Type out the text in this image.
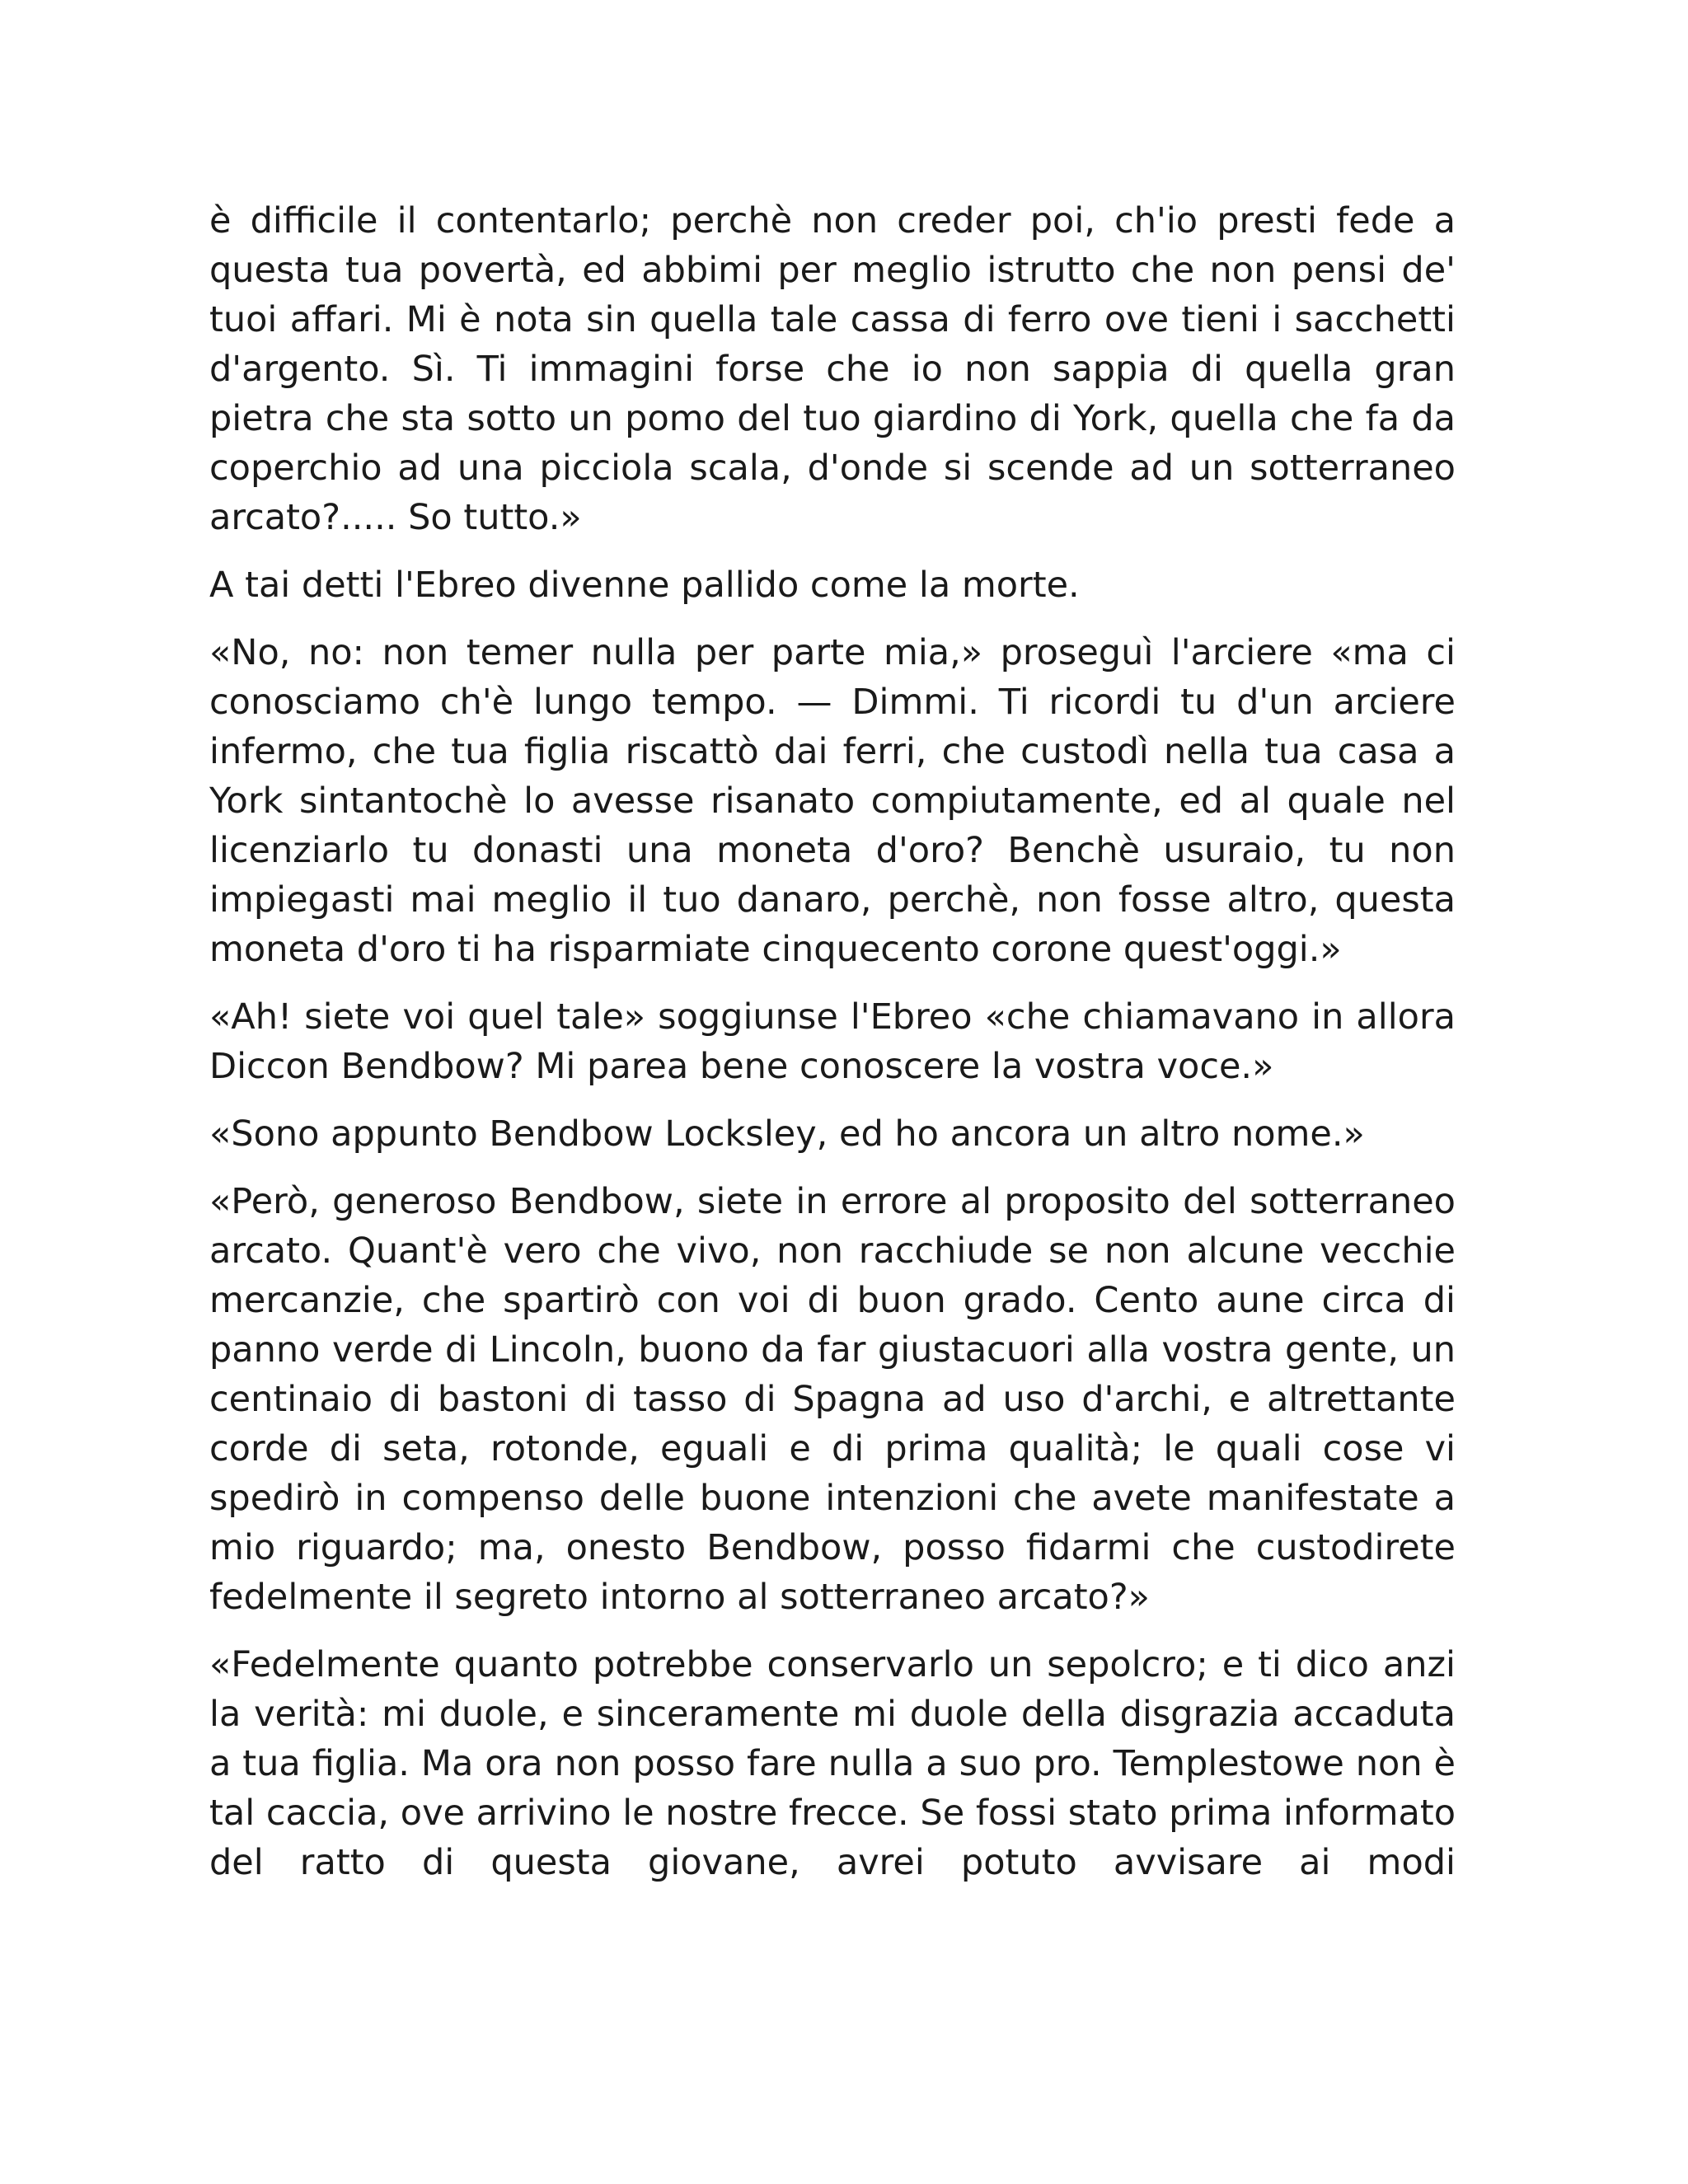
è difficile il contentarlo; perchè non creder poi, ch'io presti fede a questa tua povertà, ed abbimi per meglio istrutto che non pensi de' tuoi affari. Mi è nota sin quella tale cassa di ferro ove tieni i sacchetti d'argento. Sì. Ti immagini forse che io non sappia di quella gran pietra che sta sotto un pomo del tuo giardino di York, quella che fa da coperchio ad una picciola scala, d'onde si scende ad un sotterraneo arcato?..... So tutto.»

A tai detti l'Ebreo divenne pallido come la morte.

«No, no: non temer nulla per parte mia,» proseguì l'arciere «ma ci conosciamo ch'è lungo tempo. — Dimmi. Ti ricordi tu d'un arciere infermo, che tua figlia riscattò dai ferri, che custodì nella tua casa a York sintantochè lo avesse risanato compiutamente, ed al quale nel licenziarlo tu donasti una moneta d'oro? Benchè usuraio, tu non impiegasti mai meglio il tuo danaro, perchè, non fosse altro, questa moneta d'oro ti ha risparmiate cinquecento corone quest'oggi.»

«Ah! siete voi quel tale» soggiunse l'Ebreo «che chiamavano in allora Diccon Bendbow? Mi parea bene conoscere la vostra voce.»

«Sono appunto Bendbow Locksley, ed ho ancora un altro nome.»

«Però, generoso Bendbow, siete in errore al proposito del sotterraneo arcato. Quant'è vero che vivo, non racchiude se non alcune vecchie mercanzie, che spartirò con voi di buon grado. Cento aune circa di panno verde di Lincoln, buono da far giustacuori alla vostra gente, un centinaio di bastoni di tasso di Spagna ad uso d'archi, e altrettante corde di seta, rotonde, eguali e di prima qualità; le quali cose vi spedirò in compenso delle buone intenzioni che avete manifestate a mio riguardo; ma, onesto Bendbow, posso fidarmi che custodirete fedelmente il segreto intorno al sotterraneo arcato?»

«Fedelmente quanto potrebbe conservarlo un sepolcro; e ti dico anzi la verità: mi duole, e sinceramente mi duole della disgrazia accaduta a tua figlia. Ma ora non posso fare nulla a suo pro. Templestowe non è tal caccia, ove arrivino le nostre frecce. Se fossi stato prima informato del ratto di questa giovane, avrei potuto avvisare ai modi
